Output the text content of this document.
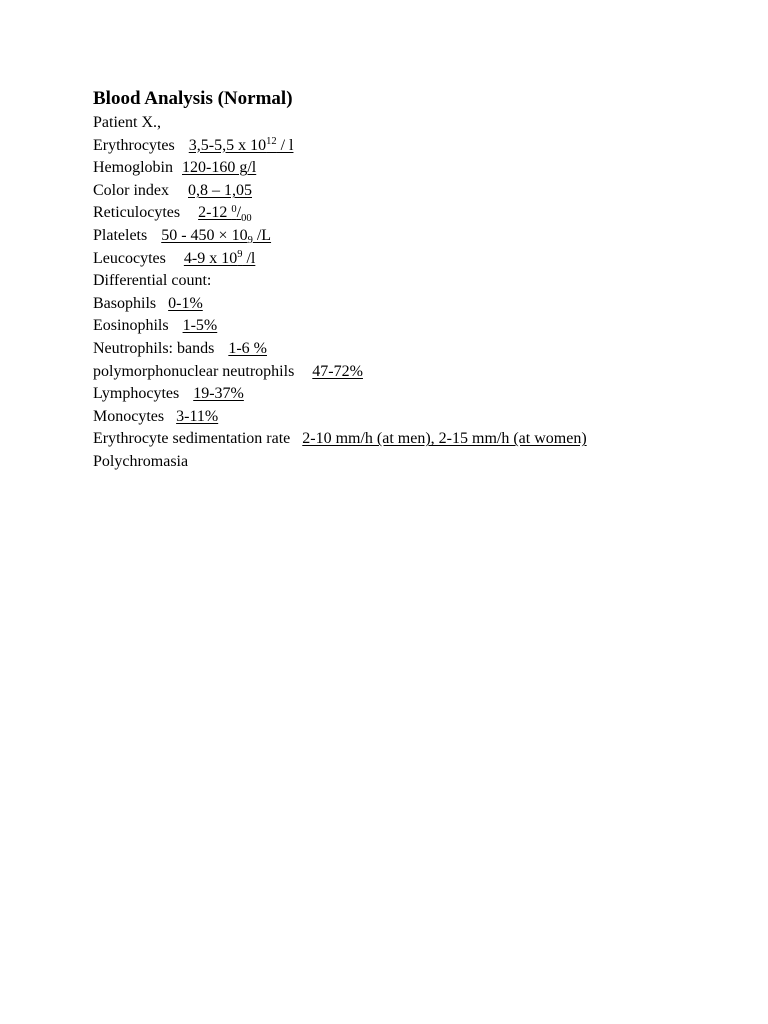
Blood Analysis (Normal)
Patient X.,
Erythrocytes 3,5-5,5 x $10^{12}$ / l
Hemoglobin 120-160 g/l
Color index 0,8 – 1,05
Reticulocytes 2-12 $^0/_{00}$
Platelets $50 - 450 \times 10_9$ /L
Leucocytes 4-9 x $10^9$ /l
Differential count:
Basophils 0-1%
Eosinophils 1-5%
Neutrophils: bands 1-6 %
polymorphonuclear neutrophils 47-72%
Lymphocytes 19-37%
Monocytes 3-11%
Erythrocyte sedimentation rate 2-10 mm/h (at men), 2-15 mm/h (at women)
Polychromasia
